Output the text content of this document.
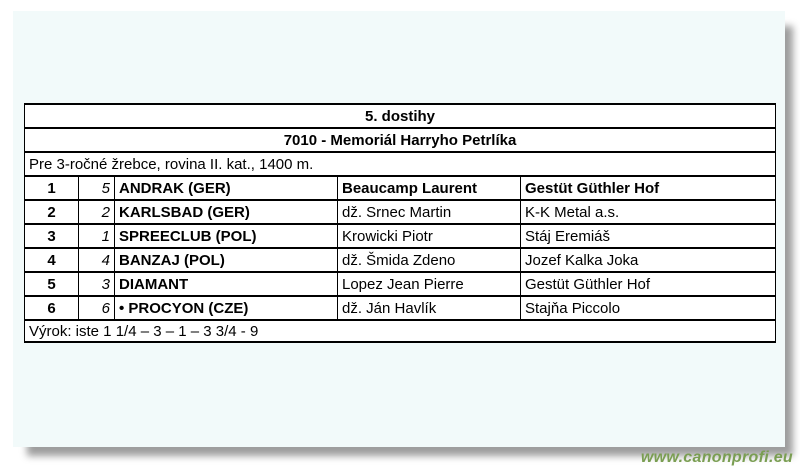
5. dostihy				
7010 - Memoriál Harryho Petrlíka				
Pre 3-ročné žrebce, rovina II. kat., 1400 m.				
1	5	ANDRAK (GER)	Beaucamp Laurent	Gestüt Güthler Hof
2	2	KARLSBAD (GER)	dž. Srnec Martin	K-K Metal a.s.
3	1	SPREECLUB (POL)	Krowicki Piotr	Stáj Eremiáš
4	4	BANZAJ (POL)	dž. Šmida Zdeno	Jozef Kalka Joka
5	3	DIAMANT	Lopez Jean Pierre	Gestüt Güthler Hof
6	6	• PROCYON (CZE)	dž. Ján Havlík	Stajňa Piccolo
Výrok: iste 1 1/4 – 3 – 1 – 3 3/4 - 9				
www.canonprofi.eu
